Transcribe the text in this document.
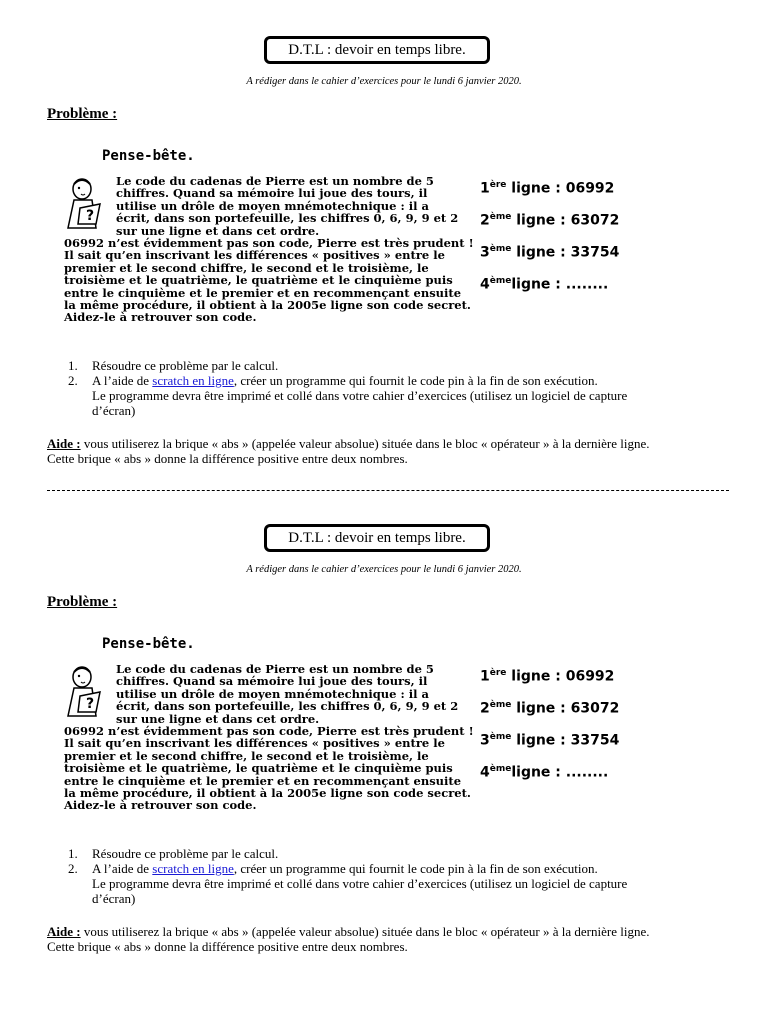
D.T.L : devoir en temps libre.
A rédiger dans le cahier d’exercices pour le lundi 6 janvier 2020.
Problème :
Pense-bête.
?
Le code du cadenas de Pierre est un nombre de 5
chiffres. Quand sa mémoire lui joue des tours, il
utilise un drôle de moyen mnémotechnique : il a
écrit, dans son portefeuille, les chiffres 0, 6, 9, 9 et 2
sur une ligne et dans cet ordre.
06992 n’est évidemment pas son code, Pierre est très prudent !
Il sait qu’en inscrivant les différences « positives » entre le
premier et le second chiffre, le second et le troisième, le
troisième et le quatrième, le quatrième et le cinquième puis
entre le cinquième et le premier et en recommençant ensuite
la même procédure, il obtient à la 2005e ligne son code secret.
Aidez-le à retrouver son code.
1ère ligne : 06992
2ème ligne : 63072
3ème ligne : 33754
4èmeligne : ........
1. Résoudre ce problème par le calcul.
2. A l’aide de scratch en ligne, créer un programme qui fournit le code pin à la fin de son exécution.
Le programme devra être imprimé et collé dans votre cahier d’exercices (utilisez un logiciel de capture
d’écran)
Aide : vous utiliserez la brique « abs » (appelée valeur absolue) située dans le bloc « opérateur » à la dernière ligne.
Cette brique « abs » donne la différence positive entre deux nombres.
D.T.L : devoir en temps libre.
A rédiger dans le cahier d’exercices pour le lundi 6 janvier 2020.
Problème :
Pense-bête.
?
Le code du cadenas de Pierre est un nombre de 5
chiffres. Quand sa mémoire lui joue des tours, il
utilise un drôle de moyen mnémotechnique : il a
écrit, dans son portefeuille, les chiffres 0, 6, 9, 9 et 2
sur une ligne et dans cet ordre.
06992 n’est évidemment pas son code, Pierre est très prudent !
Il sait qu’en inscrivant les différences « positives » entre le
premier et le second chiffre, le second et le troisième, le
troisième et le quatrième, le quatrième et le cinquième puis
entre le cinquième et le premier et en recommençant ensuite
la même procédure, il obtient à la 2005e ligne son code secret.
Aidez-le à retrouver son code.
1ère ligne : 06992
2ème ligne : 63072
3ème ligne : 33754
4èmeligne : ........
1. Résoudre ce problème par le calcul.
2. A l’aide de scratch en ligne, créer un programme qui fournit le code pin à la fin de son exécution.
Le programme devra être imprimé et collé dans votre cahier d’exercices (utilisez un logiciel de capture
d’écran)
Aide : vous utiliserez la brique « abs » (appelée valeur absolue) située dans le bloc « opérateur » à la dernière ligne.
Cette brique « abs » donne la différence positive entre deux nombres.
